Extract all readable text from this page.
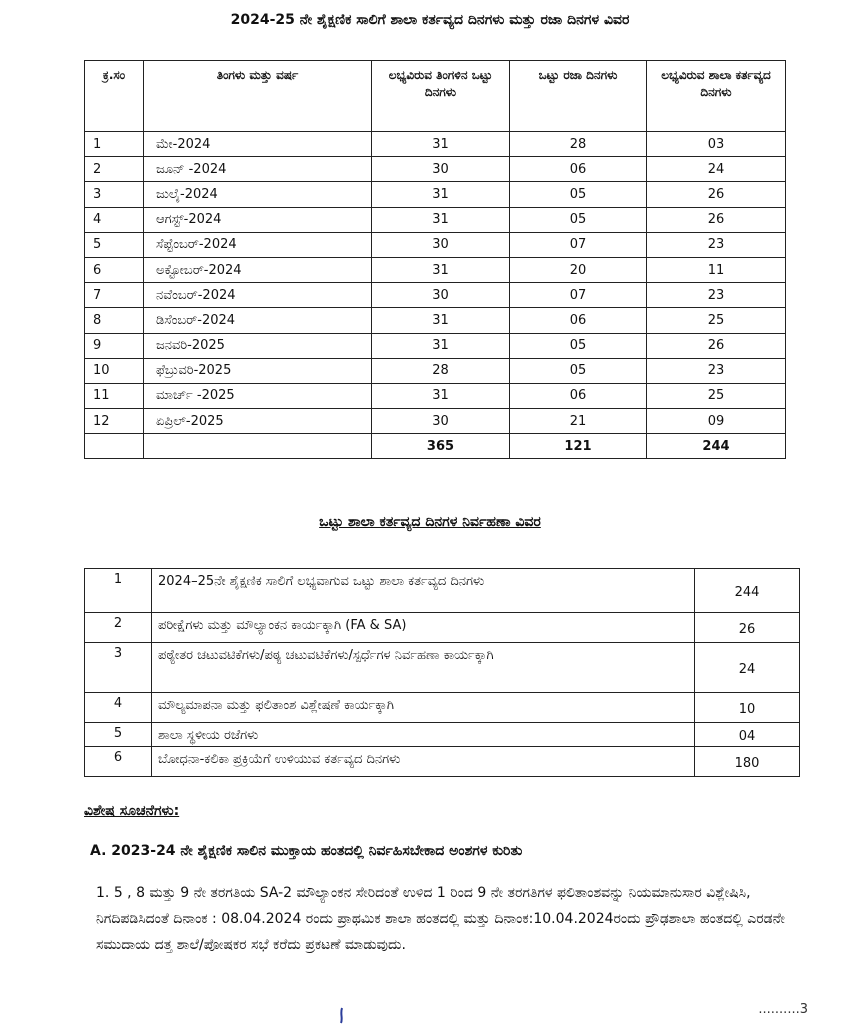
2024-25 ನೇ ಶೈಕ್ಷಣಿಕ ಸಾಲಿಗೆ ಶಾಲಾ ಕರ್ತವ್ಯದ ದಿನಗಳು ಮತ್ತು ರಜಾ ದಿನಗಳ ವಿವರ
ಕ್ರ.ಸಂ	ತಿಂಗಳು ಮತ್ತು ವರ್ಷ	ಲಭ್ಯವಿರುವ ತಿಂಗಳಿನ ಒಟ್ಟು ದಿನಗಳು	ಒಟ್ಟು ರಜಾ ದಿನಗಳು	ಲಭ್ಯವಿರುವ ಶಾಲಾ ಕರ್ತವ್ಯದ ದಿನಗಳು
1	ಮೇ-2024	31	28	03
2	ಜೂನ್ -2024	30	06	24
3	ಜುಲೈ-2024	31	05	26
4	ಆಗಸ್ಟ್-2024	31	05	26
5	ಸೆಪ್ಟೆಂಬರ್-2024	30	07	23
6	ಅಕ್ಟೋಬರ್-2024	31	20	11
7	ನವೆಂಬರ್-2024	30	07	23
8	ಡಿಸೆಂಬರ್-2024	31	06	25
9	ಜನವರಿ-2025	31	05	26
10	ಫೆಬ್ರುವರಿ-2025	28	05	23
11	ಮಾರ್ಚ್ -2025	31	06	25
12	ಏಪ್ರಿಲ್-2025	30	21	09
		365	121	244
ಒಟ್ಟು ಶಾಲಾ ಕರ್ತವ್ಯದ ದಿನಗಳ ನಿರ್ವಹಣಾ ವಿವರ
1	2024–25ನೇ ಶೈಕ್ಷಣಿಕ ಸಾಲಿಗೆ ಲಭ್ಯವಾಗುವ ಒಟ್ಟು ಶಾಲಾ ಕರ್ತವ್ಯದ ದಿನಗಳು	244
2	ಪರೀಕ್ಷೆಗಳು ಮತ್ತು ಮೌಲ್ಯಾಂಕನ ಕಾರ್ಯಕ್ಕಾಗಿ (FA & SA)	26
3	ಪಠ್ಯೇತರ ಚಟುವಟಿಕೆಗಳು/ಪಠ್ಯ ಚಟುವಟಿಕೆಗಳು/ಸ್ಪರ್ಧೆಗಳ ನಿರ್ವಹಣಾ ಕಾರ್ಯಕ್ಕಾಗಿ	24
4	ಮೌಲ್ಯಮಾಪನಾ ಮತ್ತು ಫಲಿತಾಂಶ ವಿಶ್ಲೇಷಣೆ ಕಾರ್ಯಕ್ಕಾಗಿ	10
5	ಶಾಲಾ ಸ್ಥಳೀಯ ರಜೆಗಳು	04
6	ಬೋಧನಾ-ಕಲಿಕಾ ಪ್ರಕ್ರಿಯೆಗೆ ಉಳಿಯುವ ಕರ್ತವ್ಯದ ದಿನಗಳು	180
ವಿಶೇಷ ಸೂಚನೆಗಳು:
A. 2023-24 ನೇ ಶೈಕ್ಷಣಿಕ ಸಾಲಿನ ಮುಕ್ತಾಯ ಹಂತದಲ್ಲಿ ನಿರ್ವಹಿಸಬೇಕಾದ ಅಂಶಗಳ ಕುರಿತು
1. 5 , 8 ಮತ್ತು 9 ನೇ ತರಗತಿಯ SA-2 ಮೌಲ್ಯಾಂಕನ ಸೇರಿದಂತೆ ಉಳಿದ 1 ರಿಂದ 9 ನೇ ತರಗತಿಗಳ ಫಲಿತಾಂಶವನ್ನು ನಿಯಮಾನುಸಾರ ವಿಶ್ಲೇಷಿಸಿ, ನಿಗದಿಪಡಿಸಿದಂತೆ ದಿನಾಂಕ : 08.04.2024 ರಂದು ಪ್ರಾಥಮಿಕ ಶಾಲಾ ಹಂತದಲ್ಲಿ ಮತ್ತು ದಿನಾಂಕ:10.04.2024ರಂದು ಪ್ರೌಢಶಾಲಾ ಹಂತದಲ್ಲಿ ಎರಡನೇ ಸಮುದಾಯ ದತ್ತ ಶಾಲೆ/ಪೋಷಕರ ಸಭೆ ಕರೆದು ಪ್ರಕಟಣೆ ಮಾಡುವುದು.
..........3
